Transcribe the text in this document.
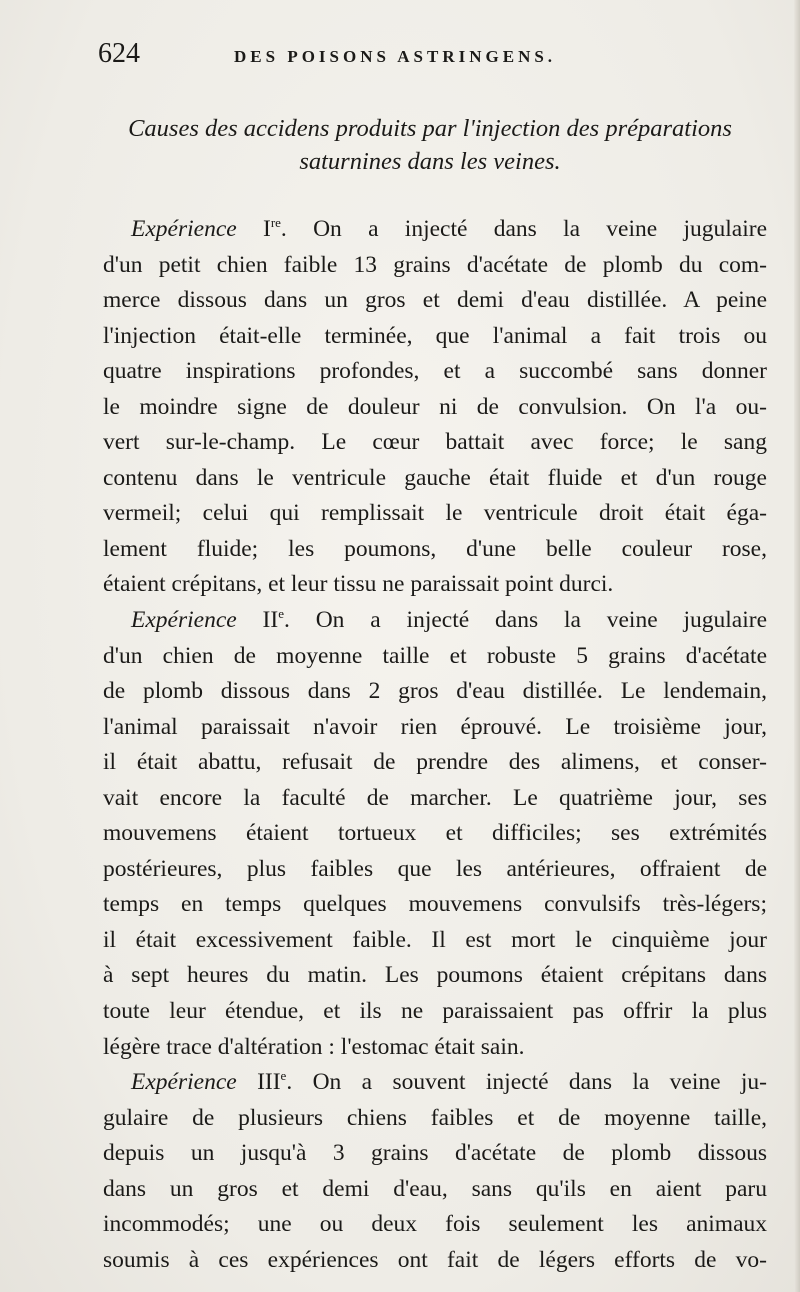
624	DES POISONS ASTRINGENS.
Causes des accidens produits par l'injection des préparations
saturnines dans les veines.
Expérience Ire. On a injecté dans la veine jugulaire
d'un petit chien faible 13 grains d'acétate de plomb du com-
merce dissous dans un gros et demi d'eau distillée. A peine
l'injection était-elle terminée, que l'animal a fait trois ou
quatre inspirations profondes, et a succombé sans donner
le moindre signe de douleur ni de convulsion. On l'a ou-
vert sur-le-champ. Le cœur battait avec force; le sang
contenu dans le ventricule gauche était fluide et d'un rouge
vermeil; celui qui remplissait le ventricule droit était éga-
lement fluide; les poumons, d'une belle couleur rose,
étaient crépitans, et leur tissu ne paraissait point durci.
Expérience IIe. On a injecté dans la veine jugulaire
d'un chien de moyenne taille et robuste 5 grains d'acétate
de plomb dissous dans 2 gros d'eau distillée. Le lendemain,
l'animal paraissait n'avoir rien éprouvé. Le troisième jour,
il était abattu, refusait de prendre des alimens, et conser-
vait encore la faculté de marcher. Le quatrième jour, ses
mouvemens étaient tortueux et difficiles; ses extrémités
postérieures, plus faibles que les antérieures, offraient de
temps en temps quelques mouvemens convulsifs très-légers;
il était excessivement faible. Il est mort le cinquième jour
à sept heures du matin. Les poumons étaient crépitans dans
toute leur étendue, et ils ne paraissaient pas offrir la plus
légère trace d'altération : l'estomac était sain.
Expérience IIIe. On a souvent injecté dans la veine ju-
gulaire de plusieurs chiens faibles et de moyenne taille,
depuis un jusqu'à 3 grains d'acétate de plomb dissous
dans un gros et demi d'eau, sans qu'ils en aient paru
incommodés; une ou deux fois seulement les animaux
soumis à ces expériences ont fait de légers efforts de vo-
